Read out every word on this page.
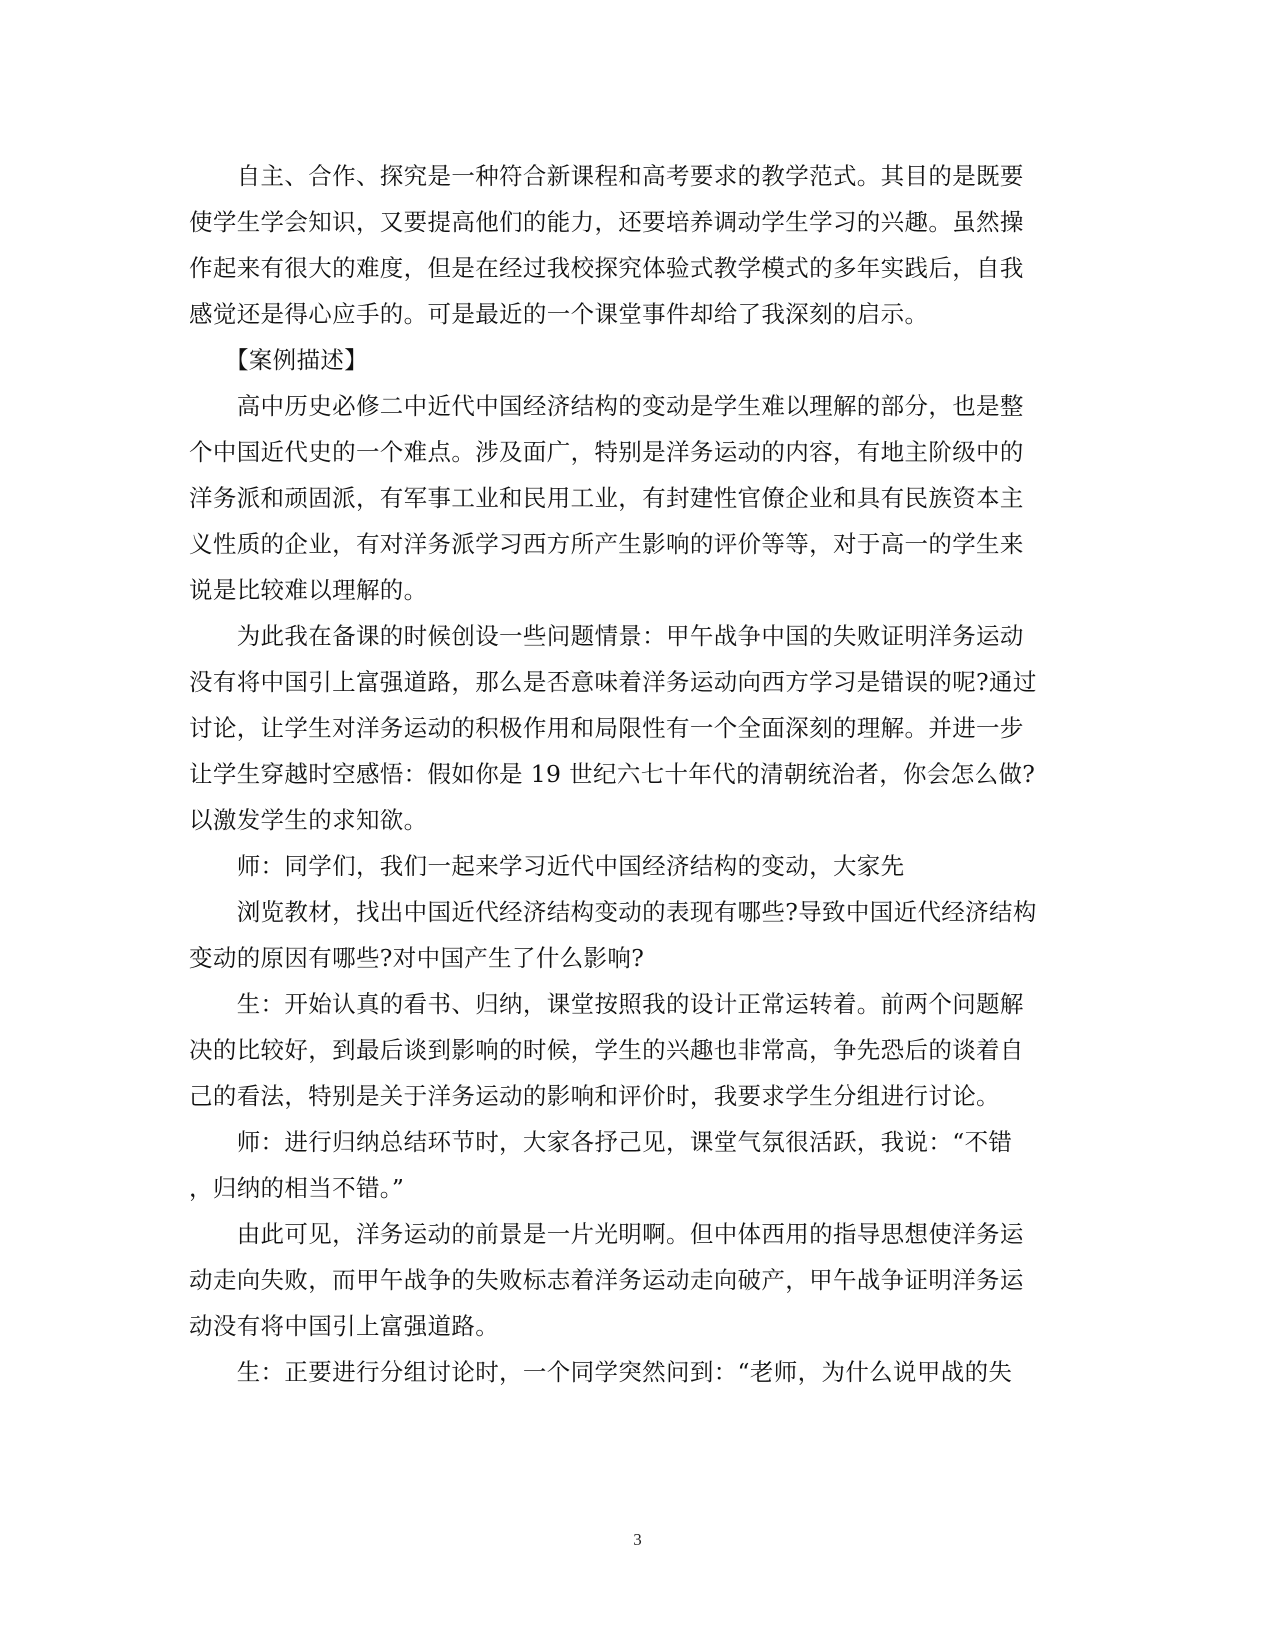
　　自主、合作、探究是一种符合新课程和高考要求的教学范式。其目的是既要
使学生学会知识，又要提高他们的能力，还要培养调动学生学习的兴趣。虽然操
作起来有很大的难度，但是在经过我校探究体验式教学模式的多年实践后，自我
感觉还是得心应手的。可是最近的一个课堂事件却给了我深刻的启示。
　　【案例描述】
　　高中历史必修二中近代中国经济结构的变动是学生难以理解的部分，也是整
个中国近代史的一个难点。涉及面广，特别是洋务运动的内容，有地主阶级中的
洋务派和顽固派，有军事工业和民用工业，有封建性官僚企业和具有民族资本主
义性质的企业，有对洋务派学习西方所产生影响的评价等等，对于高一的学生来
说是比较难以理解的。
　　为此我在备课的时候创设一些问题情景：甲午战争中国的失败证明洋务运动
没有将中国引上富强道路，那么是否意味着洋务运动向西方学习是错误的呢?通过
讨论，让学生对洋务运动的积极作用和局限性有一个全面深刻的理解。并进一步
让学生穿越时空感悟：假如你是 19 世纪六七十年代的清朝统治者，你会怎么做?
以激发学生的求知欲。
　　师：同学们，我们一起来学习近代中国经济结构的变动，大家先
　　浏览教材，找出中国近代经济结构变动的表现有哪些?导致中国近代经济结构
变动的原因有哪些?对中国产生了什么影响?
　　生：开始认真的看书、归纳，课堂按照我的设计正常运转着。前两个问题解
决的比较好，到最后谈到影响的时候，学生的兴趣也非常高，争先恐后的谈着自
己的看法，特别是关于洋务运动的影响和评价时，我要求学生分组进行讨论。
　　师：进行归纳总结环节时，大家各抒己见，课堂气氛很活跃，我说：“不错
，归纳的相当不错。”
　　由此可见，洋务运动的前景是一片光明啊。但中体西用的指导思想使洋务运
动走向失败，而甲午战争的失败标志着洋务运动走向破产，甲午战争证明洋务运
动没有将中国引上富强道路。
　　生：正要进行分组讨论时，一个同学突然问到：“老师，为什么说甲战的失
3
